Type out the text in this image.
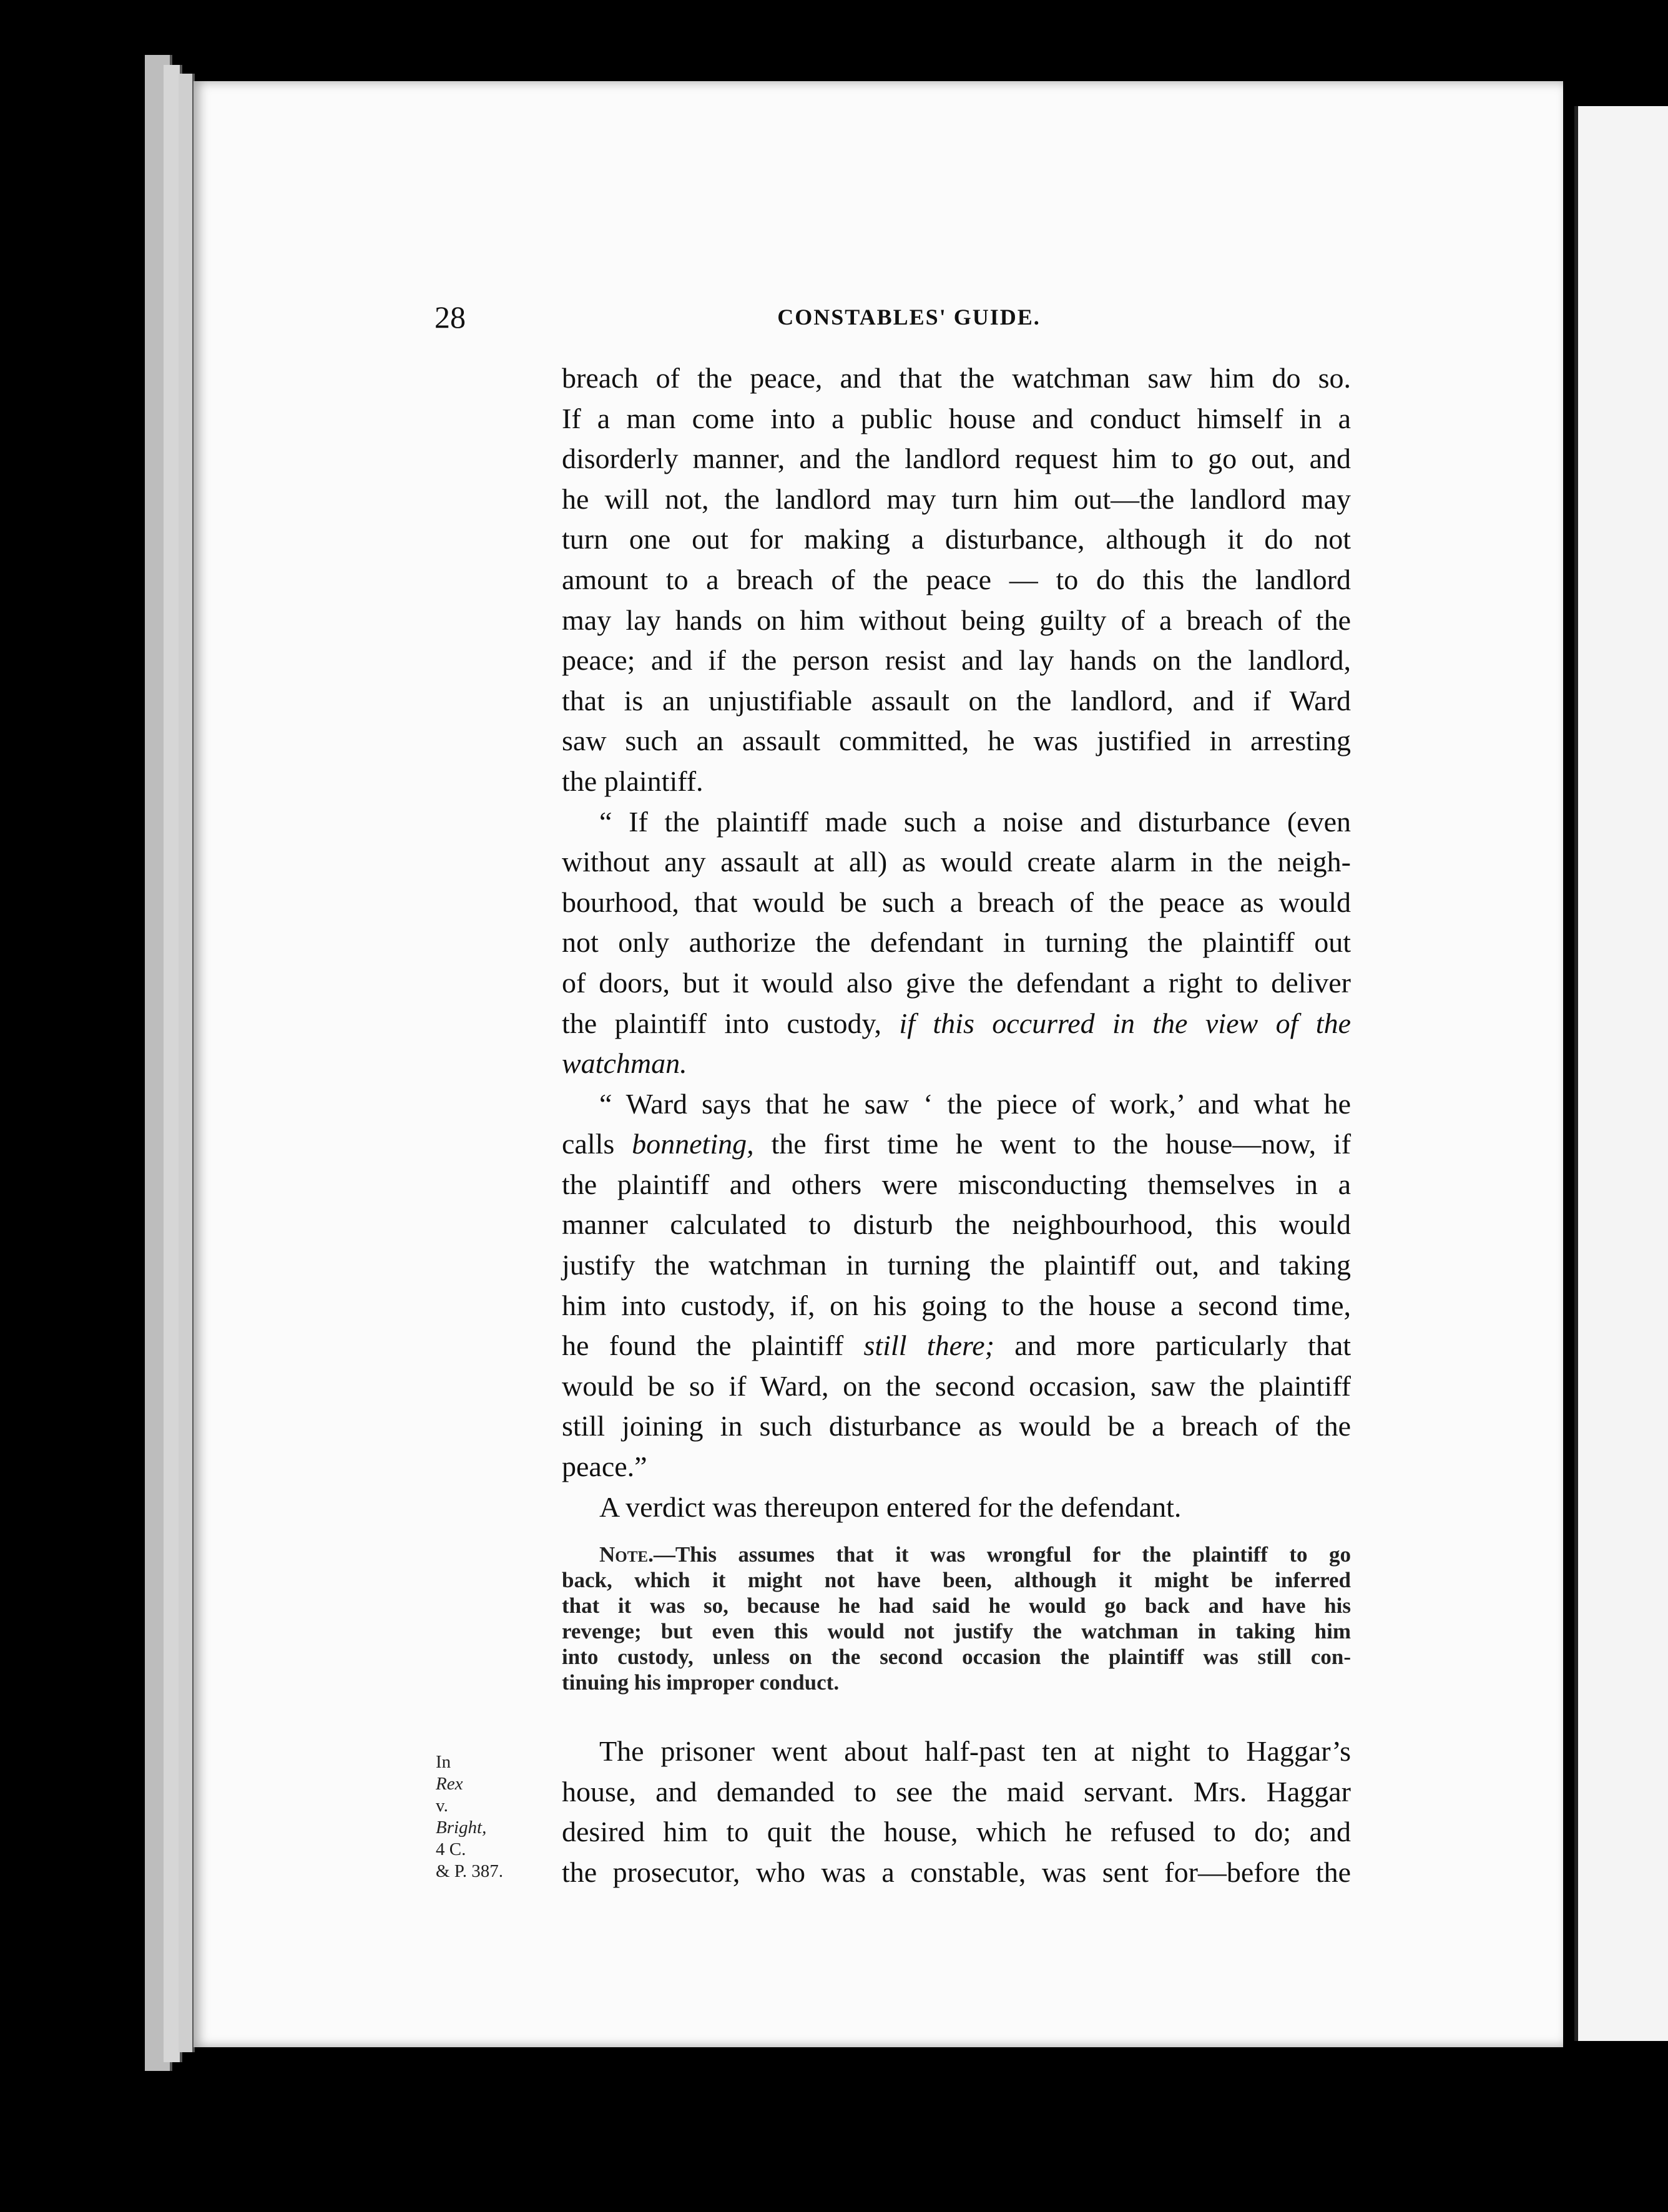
28	CONSTABLES' GUIDE.
breach of the peace, and that the watchman saw him do so.
If a man come into a public house and conduct himself in a
disorderly manner, and the landlord request him to go out, and
he will not, the landlord may turn him out—the landlord may
turn one out for making a disturbance, although it do not
amount to a breach of the peace — to do this the landlord
may lay hands on him without being guilty of a breach of the
peace; and if the person resist and lay hands on the landlord,
that is an unjustifiable assault on the landlord, and if Ward
saw such an assault committed, he was justified in arresting
the plaintiff.
“ If the plaintiff made such a noise and disturbance (even
without any assault at all) as would create alarm in the neigh-
bourhood, that would be such a breach of the peace as would
not only authorize the defendant in turning the plaintiff out
of doors, but it would also give the defendant a right to deliver
the plaintiff into custody, if this occurred in the view of the
watchman.
“ Ward says that he saw ‘ the piece of work,’ and what he
calls bonneting, the first time he went to the house—now, if
the plaintiff and others were misconducting themselves in a
manner calculated to disturb the neighbourhood, this would
justify the watchman in turning the plaintiff out, and taking
him into custody, if, on his going to the house a second time,
he found the plaintiff still there; and more particularly that
would be so if Ward, on the second occasion, saw the plaintiff
still joining in such disturbance as would be a breach of the
peace.”
A verdict was thereupon entered for the defendant.
Note.—This assumes that it was wrongful for the plaintiff to go
back, which it might not have been, although it might be inferred
that it was so, because he had said he would go back and have his
revenge; but even this would not justify the watchman in taking him
into custody, unless on the second occasion the plaintiff was still con-
tinuing his improper conduct.
In
Rex
v.
Bright,
4 C.
& P. 387.
The prisoner went about half-past ten at night to Haggar’s
house, and demanded to see the maid servant. Mrs. Haggar
desired him to quit the house, which he refused to do; and
the prosecutor, who was a constable, was sent for—before the
